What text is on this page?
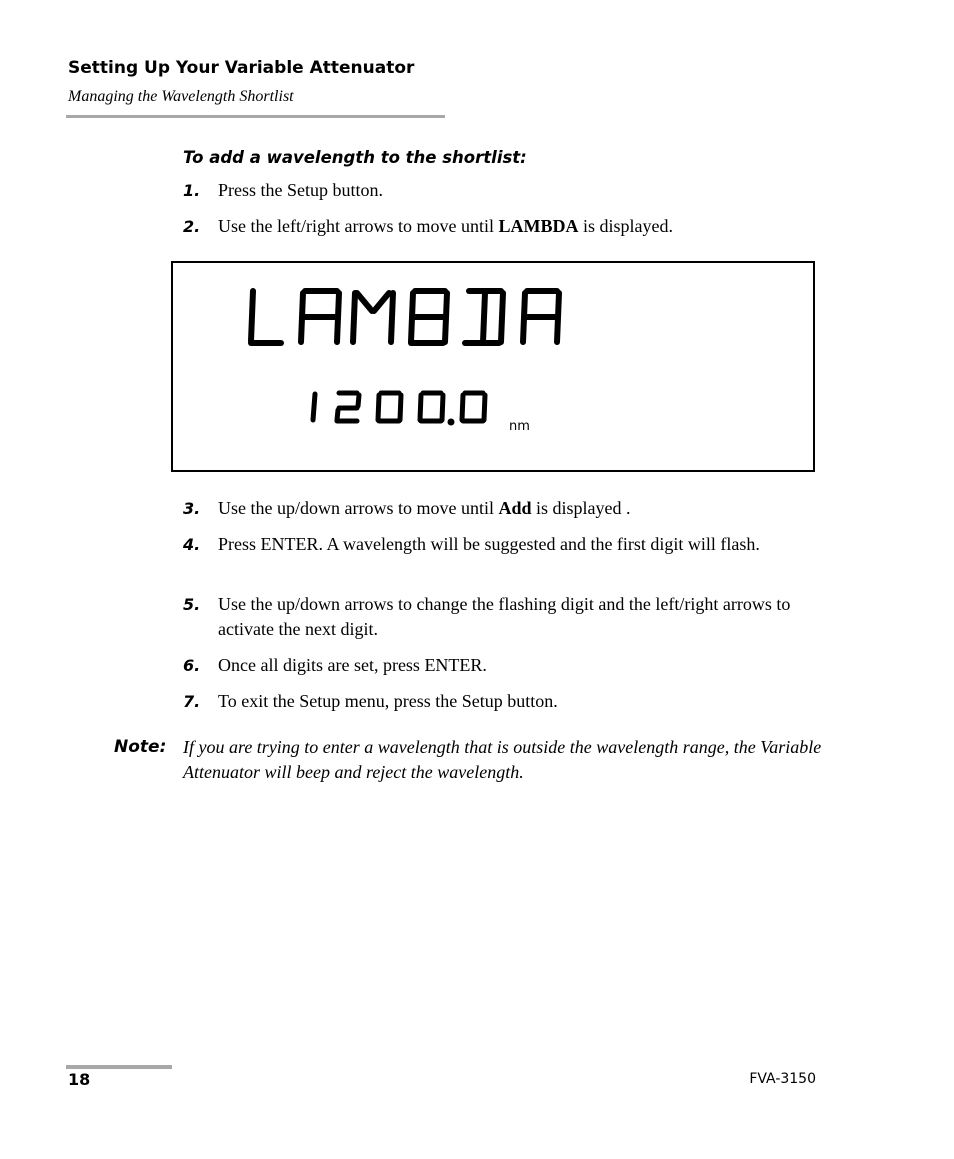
Setting Up Your Variable Attenuator
Managing the Wavelength Shortlist
To add a wavelength to the shortlist:
1. Press the Setup button.
2. Use the left/right arrows to move until LAMBDA is displayed.
nm
3. Use the up/down arrows to move until Add is displayed .
4. Press ENTER. A wavelength will be suggested and the first digit will flash.
5. Use the up/down arrows to change the flashing digit and the left/right arrows to activate the next digit.
6. Once all digits are set, press ENTER.
7. To exit the Setup menu, press the Setup button.
Note: If you are trying to enter a wavelength that is outside the wavelength range, the Variable Attenuator will beep and reject the wavelength.
18	FVA-3150
